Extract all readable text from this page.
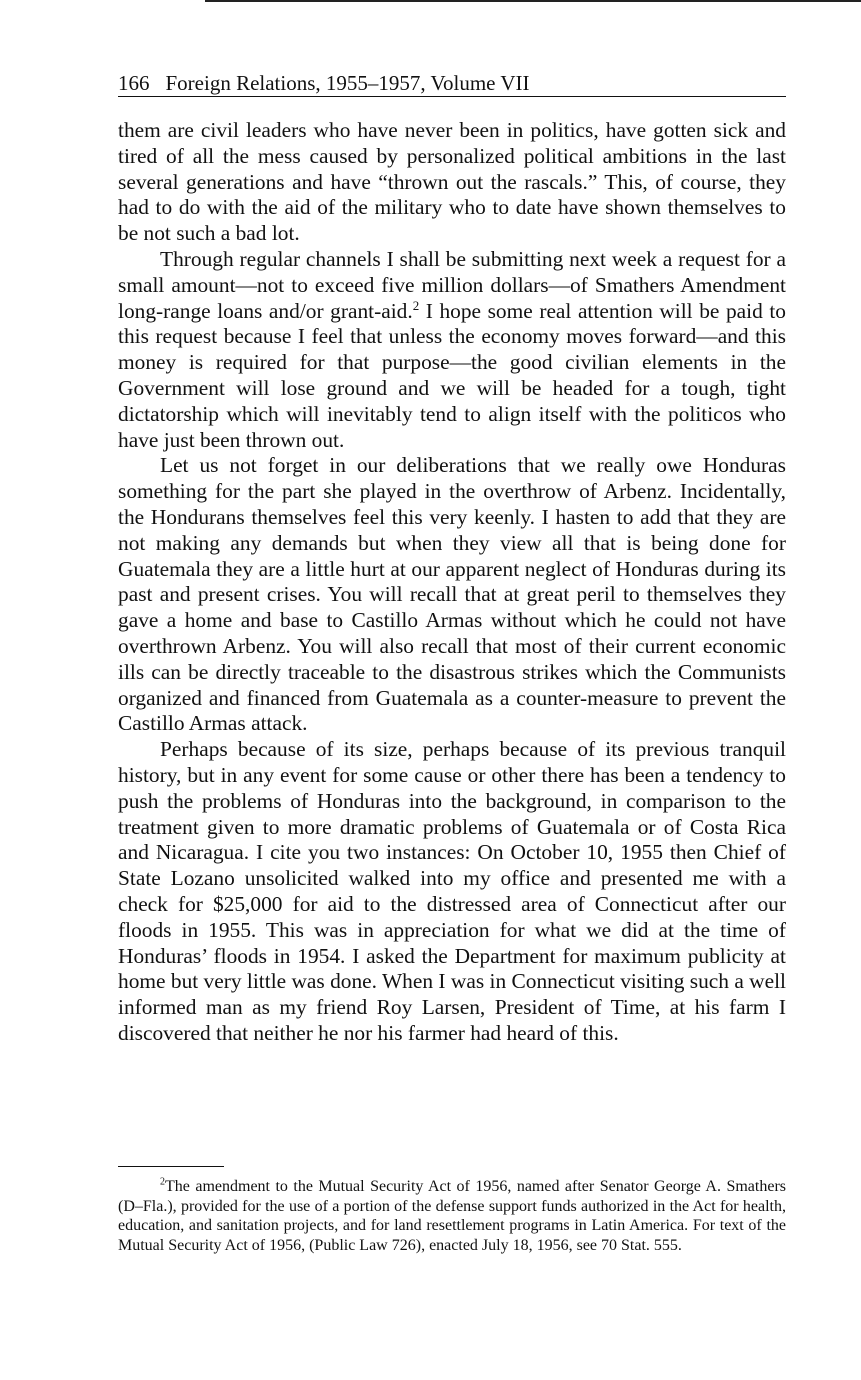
166 Foreign Relations, 1955–1957, Volume VII

them are civil leaders who have never been in politics, have gotten sick and tired of all the mess caused by personalized political ambitions in the last several generations and have “thrown out the rascals.” This, of course, they had to do with the aid of the military who to date have shown themselves to be not such a bad lot.

Through regular channels I shall be submitting next week a request for a small amount—not to exceed five million dollars—of Smathers Amendment long-range loans and/or grant-aid.$^2$ I hope some real attention will be paid to this request because I feel that unless the economy moves forward—and this money is required for that purpose—the good civilian elements in the Government will lose ground and we will be headed for a tough, tight dictatorship which will inevitably tend to align itself with the politicos who have just been thrown out.

Let us not forget in our deliberations that we really owe Honduras something for the part she played in the overthrow of Arbenz. Incidentally, the Hondurans themselves feel this very keenly. I hasten to add that they are not making any demands but when they view all that is being done for Guatemala they are a little hurt at our apparent neglect of Honduras during its past and present crises. You will recall that at great peril to themselves they gave a home and base to Castillo Armas without which he could not have overthrown Arbenz. You will also recall that most of their current economic ills can be directly traceable to the disastrous strikes which the Communists organized and financed from Guatemala as a counter-measure to prevent the Castillo Armas attack.

Perhaps because of its size, perhaps because of its previous tranquil history, but in any event for some cause or other there has been a tendency to push the problems of Honduras into the background, in comparison to the treatment given to more dramatic problems of Guatemala or of Costa Rica and Nicaragua. I cite you two instances: On October 10, 1955 then Chief of State Lozano unsolicited walked into my office and presented me with a check for $25,000 for aid to the distressed area of Connecticut after our floods in 1955. This was in appreciation for what we did at the time of Honduras’ floods in 1954. I asked the Department for maximum publicity at home but very little was done. When I was in Connecticut visiting such a well informed man as my friend Roy Larsen, President of Time, at his farm I discovered that neither he nor his farmer had heard of this.

$^2$The amendment to the Mutual Security Act of 1956, named after Senator George A. Smathers (D–Fla.), provided for the use of a portion of the defense support funds authorized in the Act for health, education, and sanitation projects, and for land resettlement programs in Latin America. For text of the Mutual Security Act of 1956, (Public Law 726), enacted July 18, 1956, see 70 Stat. 555.
